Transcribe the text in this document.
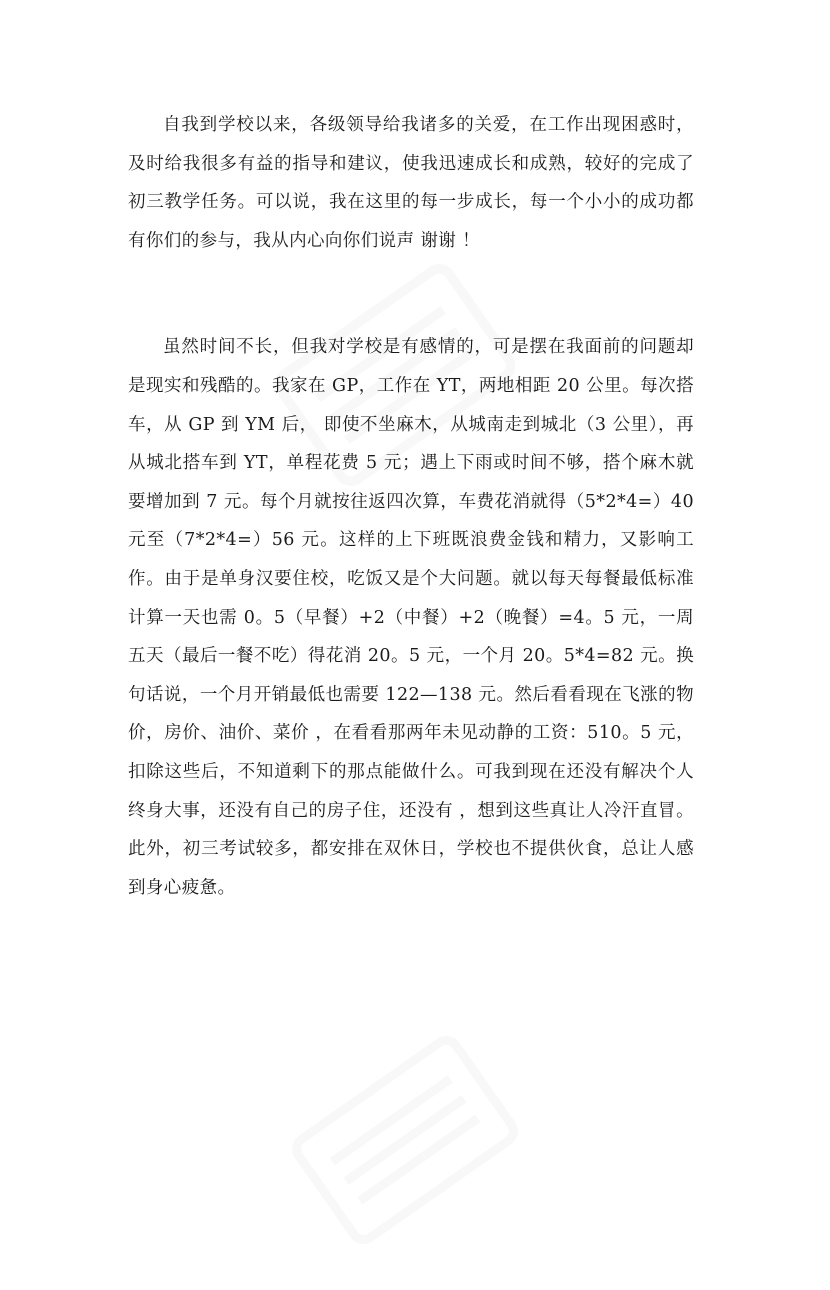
自我到学校以来，各级领导给我诸多的关爱，在工作出现困惑时，及时给我很多有益的指导和建议，使我迅速成长和成熟，较好的完成了初三教学任务。可以说，我在这里的每一步成长，每一个小小的成功都有你们的参与，我从内心向你们说声 谢谢 ！

虽然时间不长，但我对学校是有感情的，可是摆在我面前的问题却是现实和残酷的。我家在 GP，工作在 YT，两地相距 20 公里。每次搭车，从 GP 到 YM 后， 即使不坐麻木，从城南走到城北（3 公里），再从城北搭车到 YT，单程花费 5 元；遇上下雨或时间不够，搭个麻木就要增加到 7 元。每个月就按往返四次算，车费花消就得（5*2*4=）40 元至（7*2*4=）56 元。这样的上下班既浪费金钱和精力，又影响工作。由于是单身汉要住校，吃饭又是个大问题。就以每天每餐最低标准计算一天也需 0。5（早餐）+2（中餐）+2（晚餐）=4。5 元，一周五天（最后一餐不吃）得花消 20。5 元，一个月 20。5*4=82 元。换句话说，一个月开销最低也需要 122—138 元。然后看看现在飞涨的物价，房价、油价、菜价 ，在看看那两年未见动静的工资：510。5 元，扣除这些后，不知道剩下的那点能做什么。可我到现在还没有解决个人终身大事，还没有自己的房子住，还没有 ，想到这些真让人冷汗直冒。此外，初三考试较多，都安排在双休日，学校也不提供伙食，总让人感到身心疲惫。
